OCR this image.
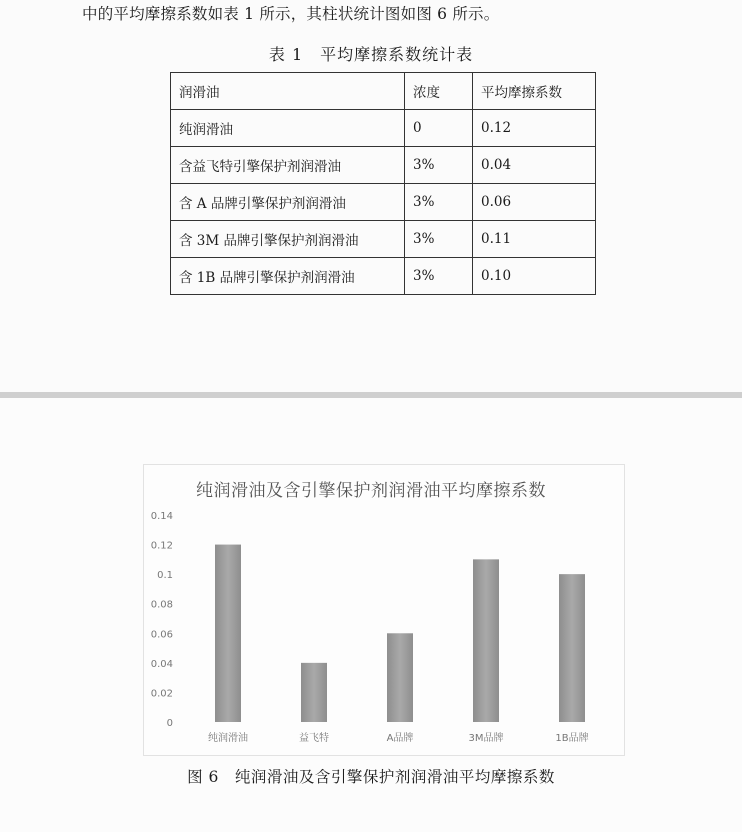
中的平均摩擦系数如表 1 所示，其柱状统计图如图 6 所示。
表 1　平均摩擦系数统计表
润滑油	浓度	平均摩擦系数
纯润滑油	0	0.12
含益飞特引擎保护剂润滑油	3%	0.04
含 A 品牌引擎保护剂润滑油	3%	0.06
含 3M 品牌引擎保护剂润滑油	3%	0.11
含 1B 品牌引擎保护剂润滑油	3%	0.10
纯润滑油及含引擎保护剂润滑油平均摩擦系数
0
0.02
0.04
0.06
0.08
0.1
0.12
0.14
纯润滑油	益飞特	A品牌	3M品牌	1B品牌
图 6　纯润滑油及含引擎保护剂润滑油平均摩擦系数
